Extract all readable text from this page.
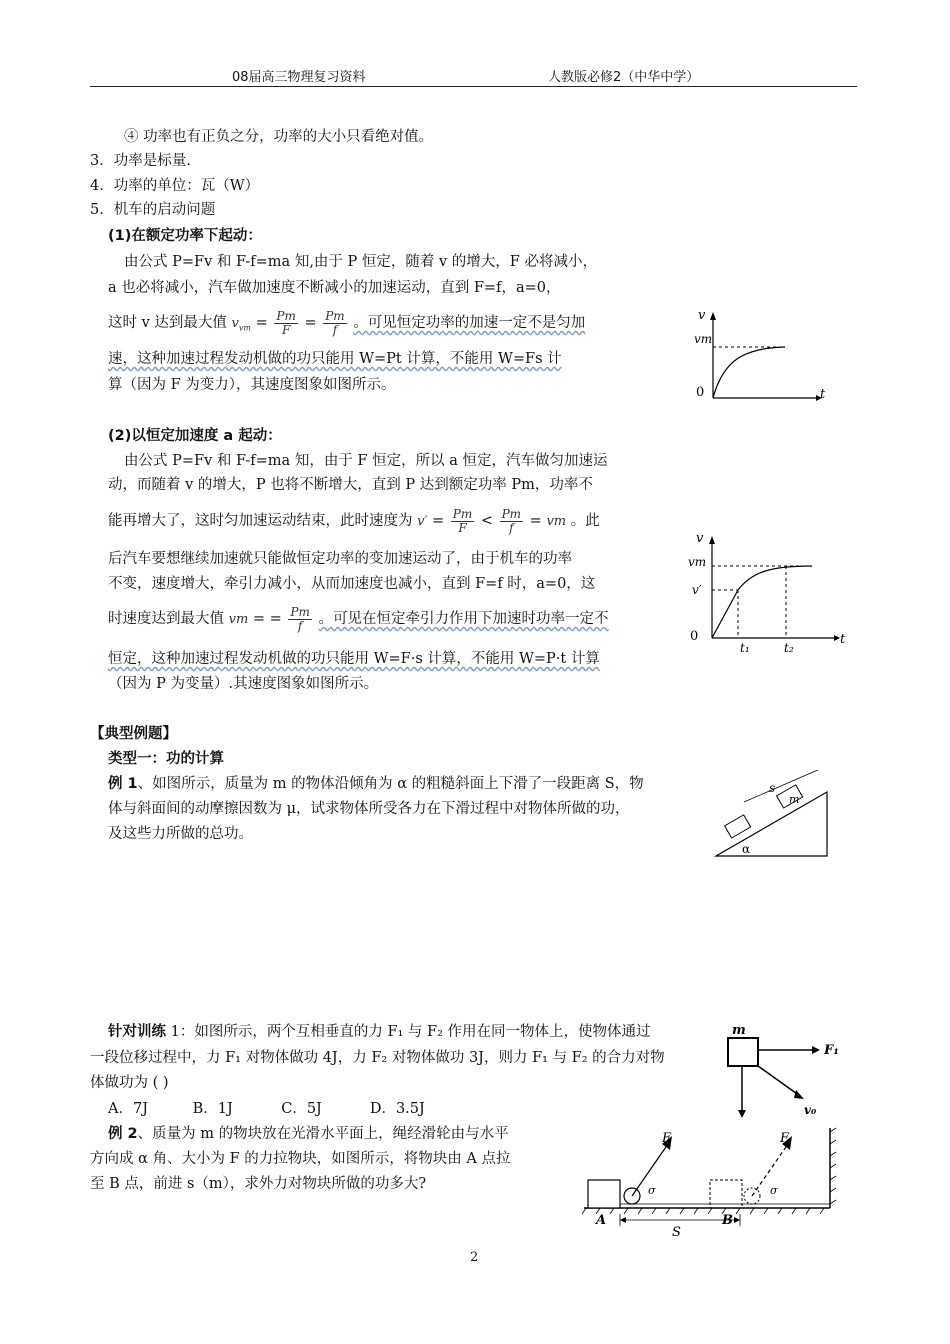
08届高三物理复习资料	人教版必修2（中华中学）
④ 功率也有正负之分，功率的大小只看绝对值。
3．功率是标量.
4．功率的单位：瓦（W）
5．机车的启动问题
(1)在额定功率下起动：
由公式 P=Fv 和 F-f=ma 知,由于 P 恒定，随着 v 的增大，F 必将减小，
a 也必将减小，汽车做加速度不断减小的加速运动，直到 F=f，a=0，
这时 v 达到最大值 $v_{vm} = \frac{Pm}{F} = \frac{Pm}{f}$ 。可见恒定功率的加速一定不是匀加
速，这种加速过程发动机做的功只能用 W=Pt 计算，不能用 W=Fs 计
算（因为 F 为变力），其速度图象如图所示。
v
vm
0	t
(2)以恒定加速度 a 起动：
由公式 P=Fv 和 F-f=ma 知，由于 F 恒定，所以 a 恒定，汽车做匀加速运
动，而随着 v 的增大，P 也将不断增大，直到 P 达到额定功率 Pm，功率不
能再增大了，这时匀加速运动结束，此时速度为 $v' = \frac{Pm}{F} < \frac{Pm}{f}$ = vm 。此
后汽车要想继续加速就只能做恒定功率的变加速运动了，由于机车的功率
不变，速度增大，牵引力减小，从而加速度也减小，直到 F=f 时，a=0，这
时速度达到最大值 vm = = $\frac{Pm}{f}$ 。可见在恒定牵引力作用下加速时功率一定不
恒定，这种加速过程发动机做的功只能用 W=F·s 计算，不能用 W=P·t 计算
（因为 P 为变量）.其速度图象如图所示。
v
vm
v′
0	t
t₁	t₂
【典型例题】
类型一：功的计算
例 1、如图所示，质量为 m 的物体沿倾角为 α 的粗糙斜面上下滑了一段距离 S，物
体与斜面间的动摩擦因数为 μ，试求物体所受各力在下滑过程中对物体所做的功，
及这些力所做的总功。
m
s
α
针对训练 1：如图所示，两个互相垂直的力 F₁ 与 F₂ 作用在同一物体上，使物体通过
一段位移过程中，力 F₁ 对物体做功 4J，力 F₂ 对物体做功 3J，则力 F₁ 与 F₂ 的合力对物
体做功为 ( )
A．7J	B．1J	C．5J	D．3.5J
m
F₁
v₀
例 2、质量为 m 的物块放在光滑水平面上，绳经滑轮由与水平
方向成 α 角、大小为 F 的力拉物块，如图所示，将物块由 A 点拉
至 B 点，前进 s（m），求外力对物块所做的功多大?
F
σ
F
σ
A	B
S
2
